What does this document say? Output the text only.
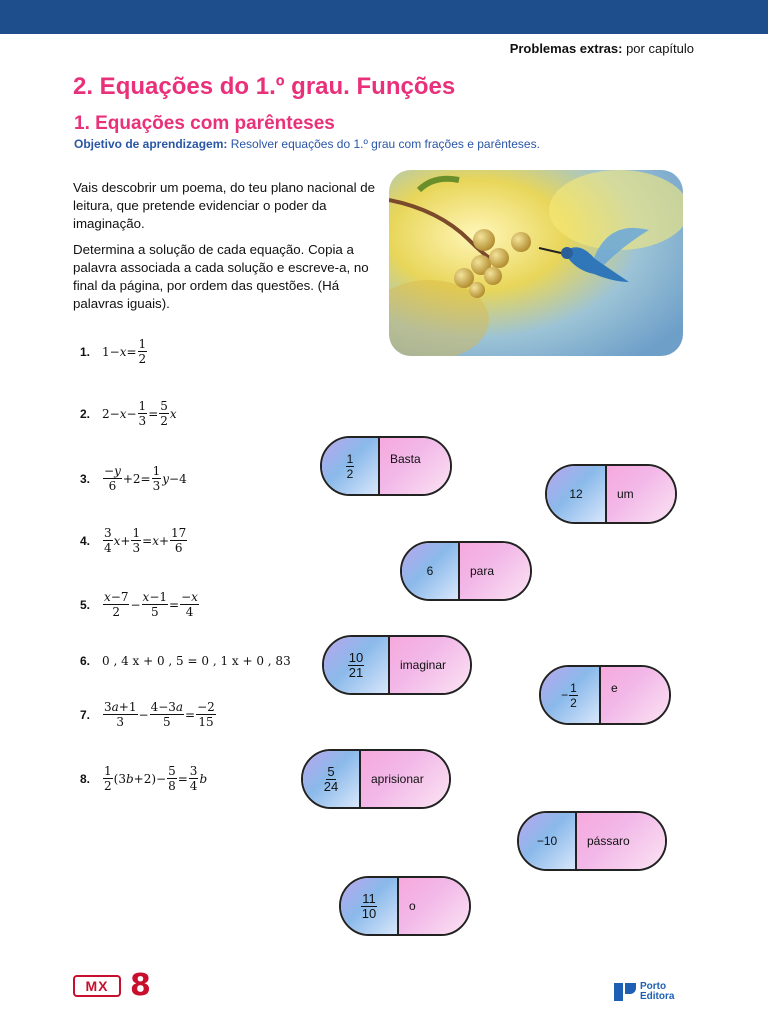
Problemas extras: por capítulo
2. Equações do 1.º grau. Funções
1. Equações com parênteses
Objetivo de aprendizagem: Resolver equações do 1.º grau com frações e parênteses.

Vais descobrir um poema, do teu plano nacional de leitura, que pretende evidenciar o poder da imaginação.

Determina a solução de cada equação. Copia a palavra associada a cada solução e escreve-a, no final da página, por ordem das questões. (Há palavras iguais).

1. $1-x= \frac{1}{2}$
2. $2-x- \frac{1}{3} = \frac{5}{2}$ x
3.	$\frac{-y}{6} +2= \frac{1}{3} y-4$
4.	$\frac{3}{4} x+ \frac{1}{3} =x+ \frac{17}{6}$
5.	$\frac{x-7}{2} - \frac{x-1}{5} = \frac{-x}{4}$
6. 0 , 4 x + 0 , 5 = 0 , 1 x + 0 , 83
7.	$\frac{3a+1}{3} - \frac{4-3a}{5} = \frac{-2}{15}$
8.	$\frac{1}{2} (3b+2)- \frac{5}{8} = \frac{3}{4}$ b
$\frac{1}{2}$	Basta
12	um
6	para
$\frac{10}{21}$	imaginar
− $\frac{1}{2}$	e
$\frac{5}{24}$	aprisionar
−10	pássaro
$\frac{11}{10}$	o
MX 8	Porto
Editora
